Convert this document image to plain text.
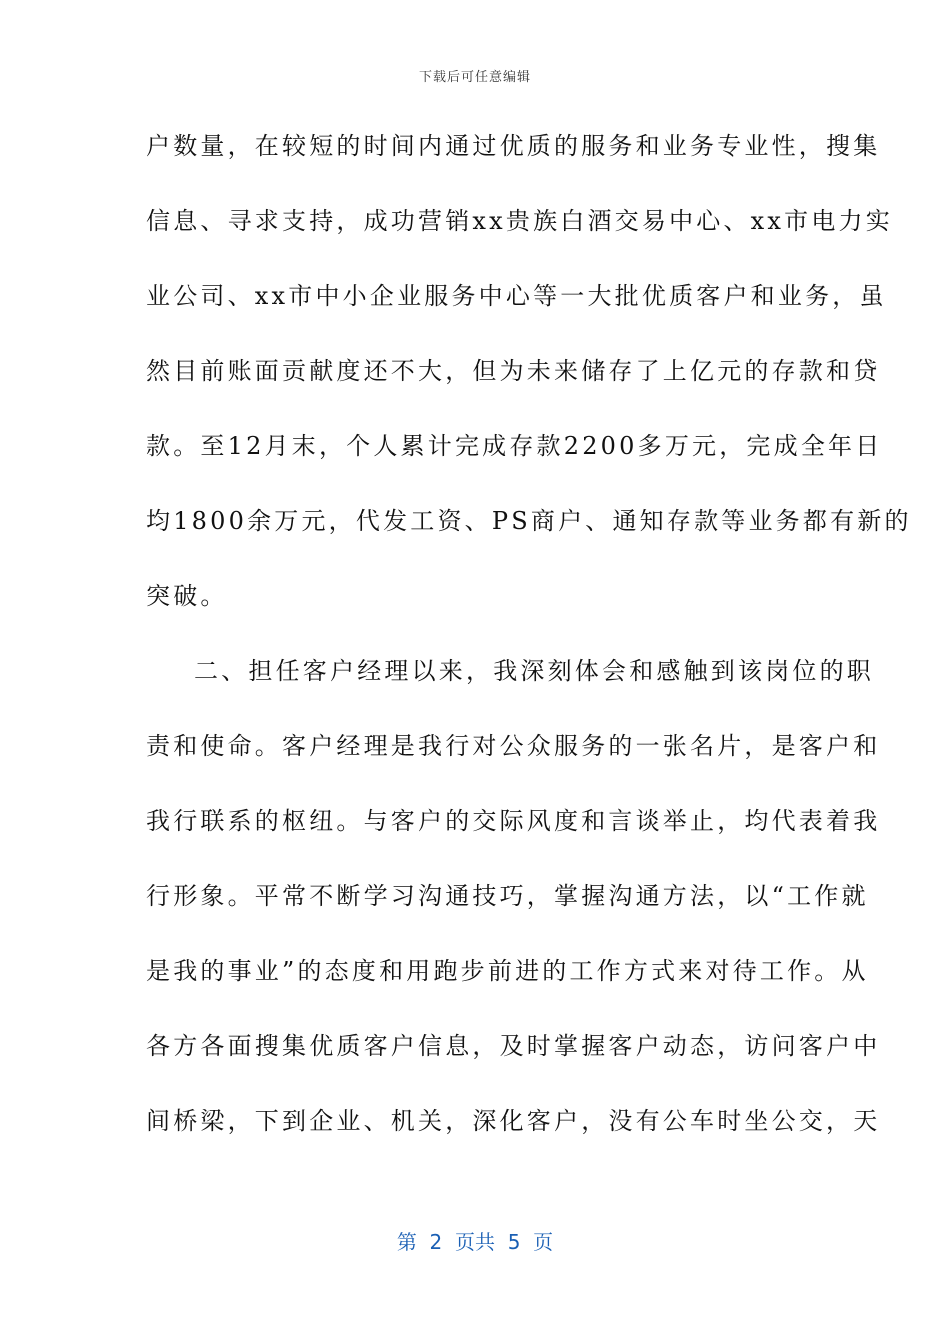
下载后可任意编辑
户数量，在较短的时间内通过优质的服务和业务专业性，搜集
信息、寻求支持，成功营销xx贵族白酒交易中心、xx市电力实
业公司、xx市中小企业服务中心等一大批优质客户和业务，虽
然目前账面贡献度还不大，但为未来储存了上亿元的存款和贷
款。至12月末，个人累计完成存款2200多万元，完成全年日
均1800余万元，代发工资、PS商户、通知存款等业务都有新的
突破。
二、担任客户经理以来，我深刻体会和感触到该岗位的职
责和使命。客户经理是我行对公众服务的一张名片，是客户和
我行联系的枢纽。与客户的交际风度和言谈举止，均代表着我
行形象。平常不断学习沟通技巧，掌握沟通方法，以“工作就
是我的事业”的态度和用跑步前进的工作方式来对待工作。从
各方各面搜集优质客户信息，及时掌握客户动态，访问客户中
间桥梁，下到企业、机关，深化客户，没有公车时坐公交，天
第  2  页共  5  页
